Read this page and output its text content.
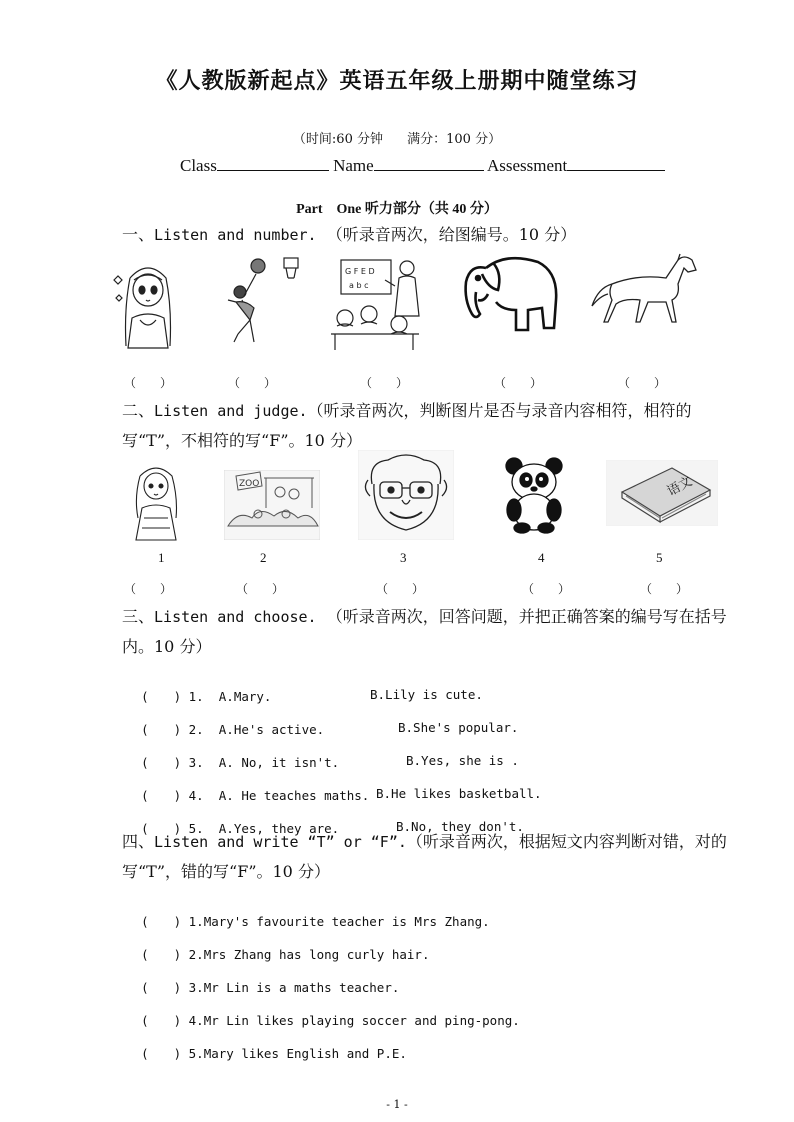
《人教版新起点》英语五年级上册期中随堂练习
（时间:60 分钟 满分：100 分）
Class	Name	Assessment
Part　One 听力部分（共 40 分）
一、Listen and number. （听录音两次，给图编号。10 分）
G F E D
a b c
（　　）	（　　）	（　　）	（　　）	（　　）
二、Listen and judge.（听录音两次，判断图片是否与录音内容相符，相符的写“T”，不相符的写“F”。10 分）
ZOO	语文
1	2	3	4	5
（　　）	（　　）	（　　）	（　　）	（　　）
三、Listen and choose. （听录音两次，回答问题，并把正确答案的编号写在括号内。10 分）

(　　) 1. A.Mary.	B.Lily is cute.

(　　) 2. A.He's active.	B.She's popular.

(　　) 3. A. No, it isn't.	B.Yes, she is .

(　　) 4. A. He teaches maths. B.He likes basketball.

(　　) 5. A.Yes, they are.	B.No, they don't.

四、Listen and write “T” or “F”.（听录音两次，根据短文内容判断对错，对的写“T”，错的写“F”。10 分）

(　　) 1.Mary's favourite teacher is Mrs Zhang.

(　　) 2.Mrs Zhang has long curly hair.

(　　) 3.Mr Lin is a maths teacher.

(　　) 4.Mr Lin likes playing soccer and ping-pong.

(　　) 5.Mary likes English and P.E.

- 1 -
